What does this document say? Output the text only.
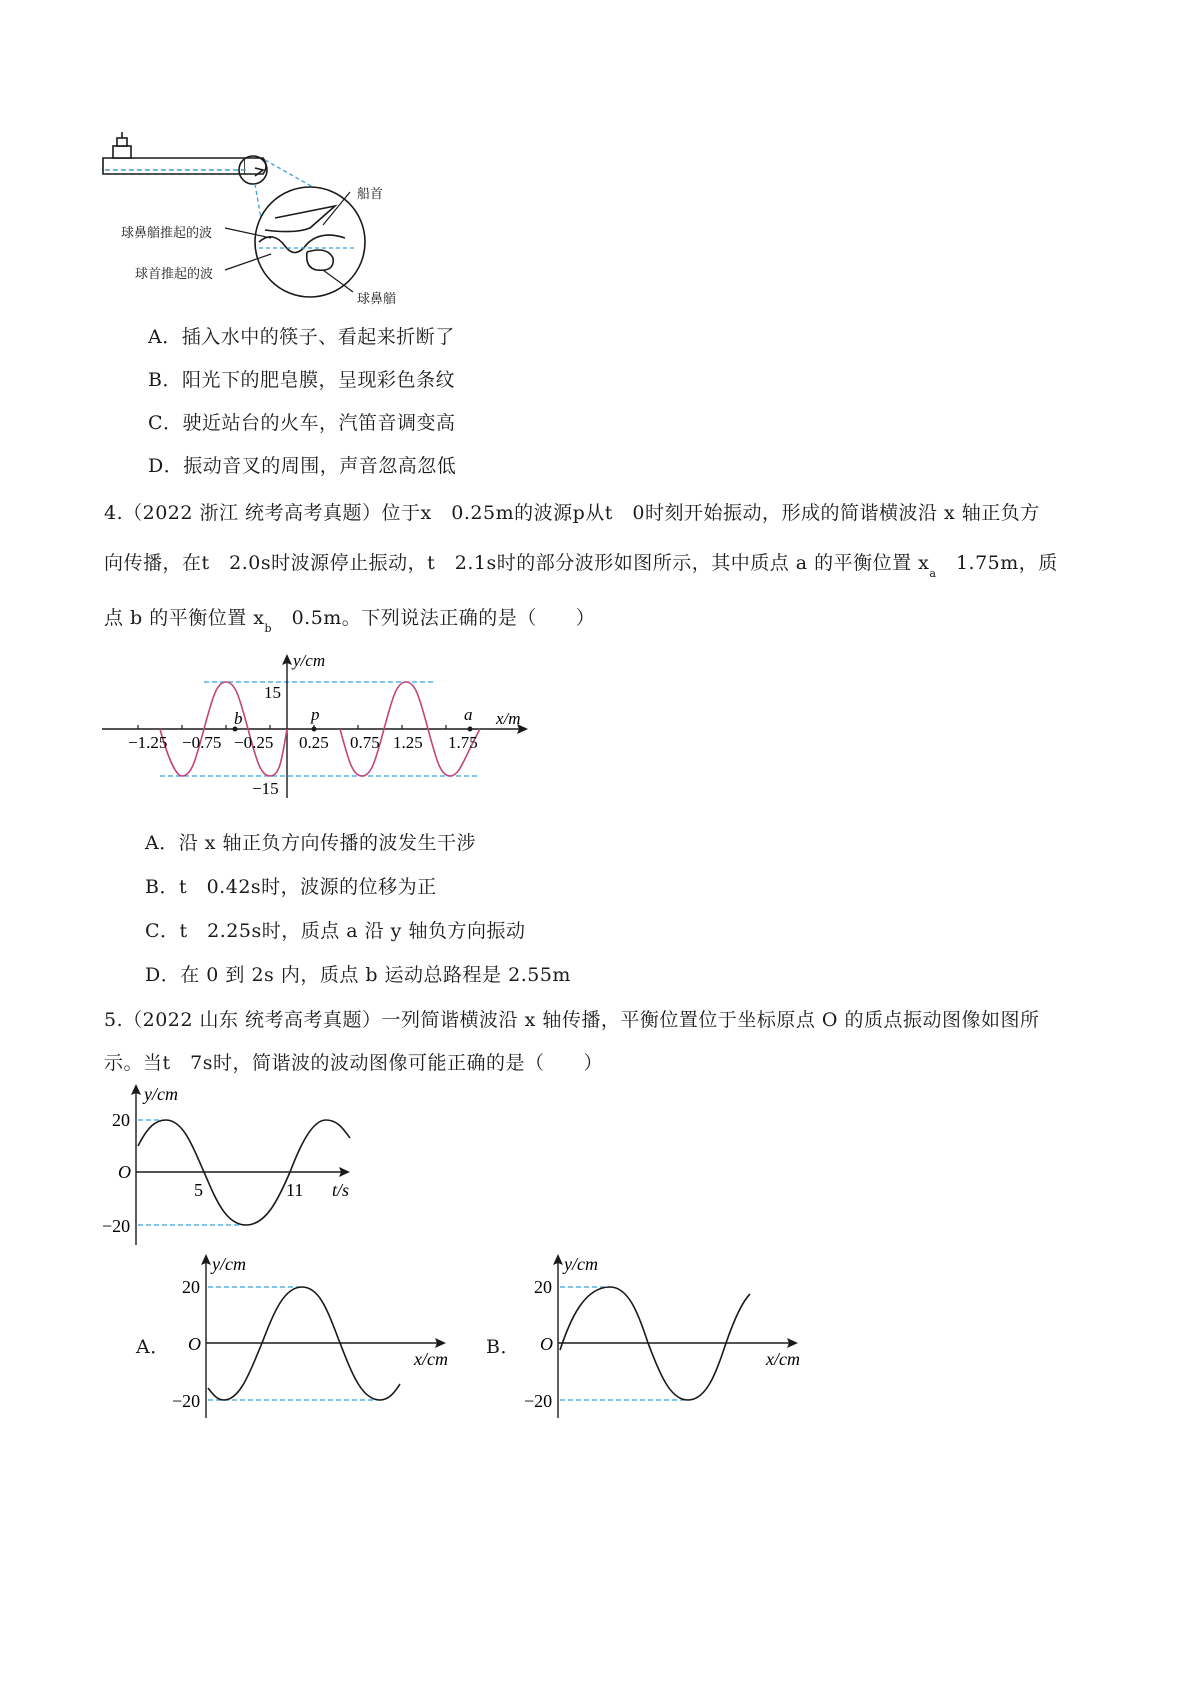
船首
球鼻艏推起的波
球首推起的波
球鼻艏
A．插入水中的筷子、看起来折断了
B．阳光下的肥皂膜，呈现彩色条纹
C．驶近站台的火车，汽笛音调变高
D．振动音叉的周围，声音忽高忽低
4.（2022 浙江 统考高考真题）位于x　0.25m的波源p从t　0时刻开始振动，形成的简谐横波沿 x 轴正负方
向传播，在t　2.0s时波源停止振动，t　2.1s时的部分波形如图所示，其中质点 a 的平衡位置 $x_a$　 1.75m，质
点 b 的平衡位置 $x_b$　 0.5m。下列说法正确的是（　　）
y/cm
x/m
15
−15
−1.25 −0.75 −0.25 0.25 0.75 1.25 1.75
b	p	a
A．沿 x 轴正负方向传播的波发生干涉
B．t　0.42s时，波源的位移为正
C．t　2.25s时，质点 a 沿 y 轴负方向振动
D．在 0 到 2s 内，质点 b 运动总路程是 2.55m
5.（2022 山东 统考高考真题）一列简谐横波沿 x 轴传播，平衡位置位于坐标原点 O 的质点振动图像如图所
示。当t　7s时，简谐波的波动图像可能正确的是（　　）
y/cm
t/s
O
20
−20
5	11
A．
y/cm
x/cm
O
20
−20
B．
y/cm
x/cm
O
20
−20
